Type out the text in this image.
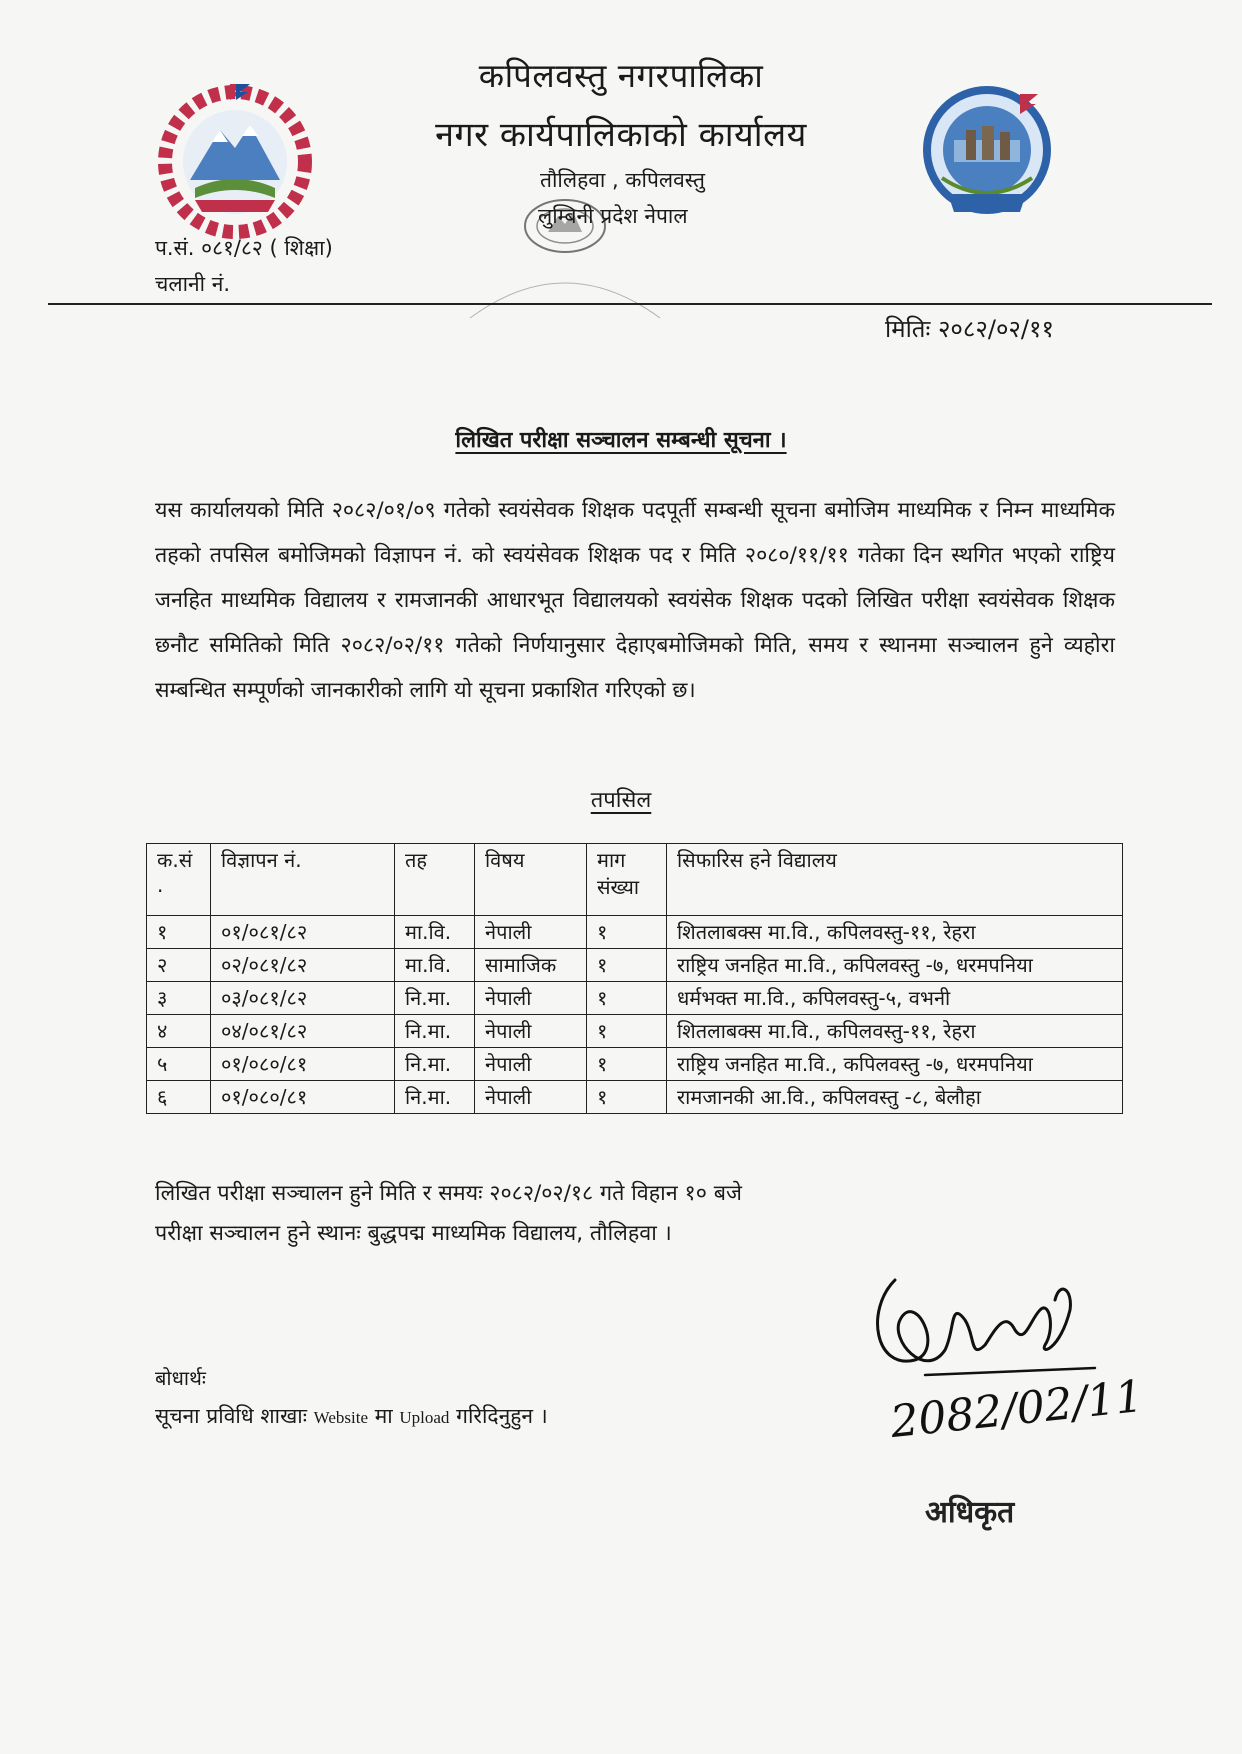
कपिलवस्तु नगरपालिका
नगर कार्यपालिकाको कार्यालय
तौलिहवा , कपिलवस्तु
लुम्बिनी प्रदेश नेपाल
प.सं. ०८१/८२ ( शिक्षा)
चलानी नं.
मितिः २०८२/०२/११
लिखित परीक्षा सञ्चालन सम्बन्धी सूचना ।

यस कार्यालयको मिति २०८२/०१/०९ गतेको स्वयंसेवक शिक्षक पदपूर्ती सम्बन्धी सूचना बमोजिम माध्यमिक र निम्न माध्यमिक तहको तपसिल बमोजिमको विज्ञापन नं. को स्वयंसेवक शिक्षक पद र मिति २०८०/११/११ गतेका दिन स्थगित भएको राष्ट्रिय जनहित माध्यमिक विद्यालय र रामजानकी आधारभूत विद्यालयको स्वयंसेक शिक्षक पदको लिखित परीक्षा स्वयंसेवक शिक्षक छनौट समितिको मिति २०८२/०२/११ गतेको निर्णयानुसार देहाएबमोजिमको मिति, समय र स्थानमा सञ्चालन हुने व्यहोरा सम्बन्धित सम्पूर्णको जानकारीको लागि यो सूचना प्रकाशित गरिएको छ।

तपसिल
क.सं .	विज्ञापन नं.	तह	विषय	माग संख्या	सिफारिस हने विद्यालय
१	०१/०८१/८२	मा.वि.	नेपाली	१	शितलाबक्स मा.वि., कपिलवस्तु-११, रेहरा
२	०२/०८१/८२	मा.वि.	सामाजिक	१	राष्ट्रिय जनहित मा.वि., कपिलवस्तु -७, धरमपनिया
३	०३/०८१/८२	नि.मा.	नेपाली	१	धर्मभक्त मा.वि., कपिलवस्तु-५, वभनी
४	०४/०८१/८२	नि.मा.	नेपाली	१	शितलाबक्स मा.वि., कपिलवस्तु-११, रेहरा
५	०१/०८०/८१	नि.मा.	नेपाली	१	राष्ट्रिय जनहित मा.वि., कपिलवस्तु -७, धरमपनिया
६	०१/०८०/८१	नि.मा.	नेपाली	१	रामजानकी आ.वि., कपिलवस्तु -८, बेलौहा
लिखित परीक्षा सञ्चालन हुने मिति र समयः २०८२/०२/१८ गते विहान १० बजे
परीक्षा सञ्चालन हुने स्थानः बुद्धपद्म माध्यमिक विद्यालय, तौलिहवा ।
बोधार्थः
सूचना प्रविधि शाखाः Website मा Upload गरिदिनुहुन ।	2082/02/11
अधिकृत
